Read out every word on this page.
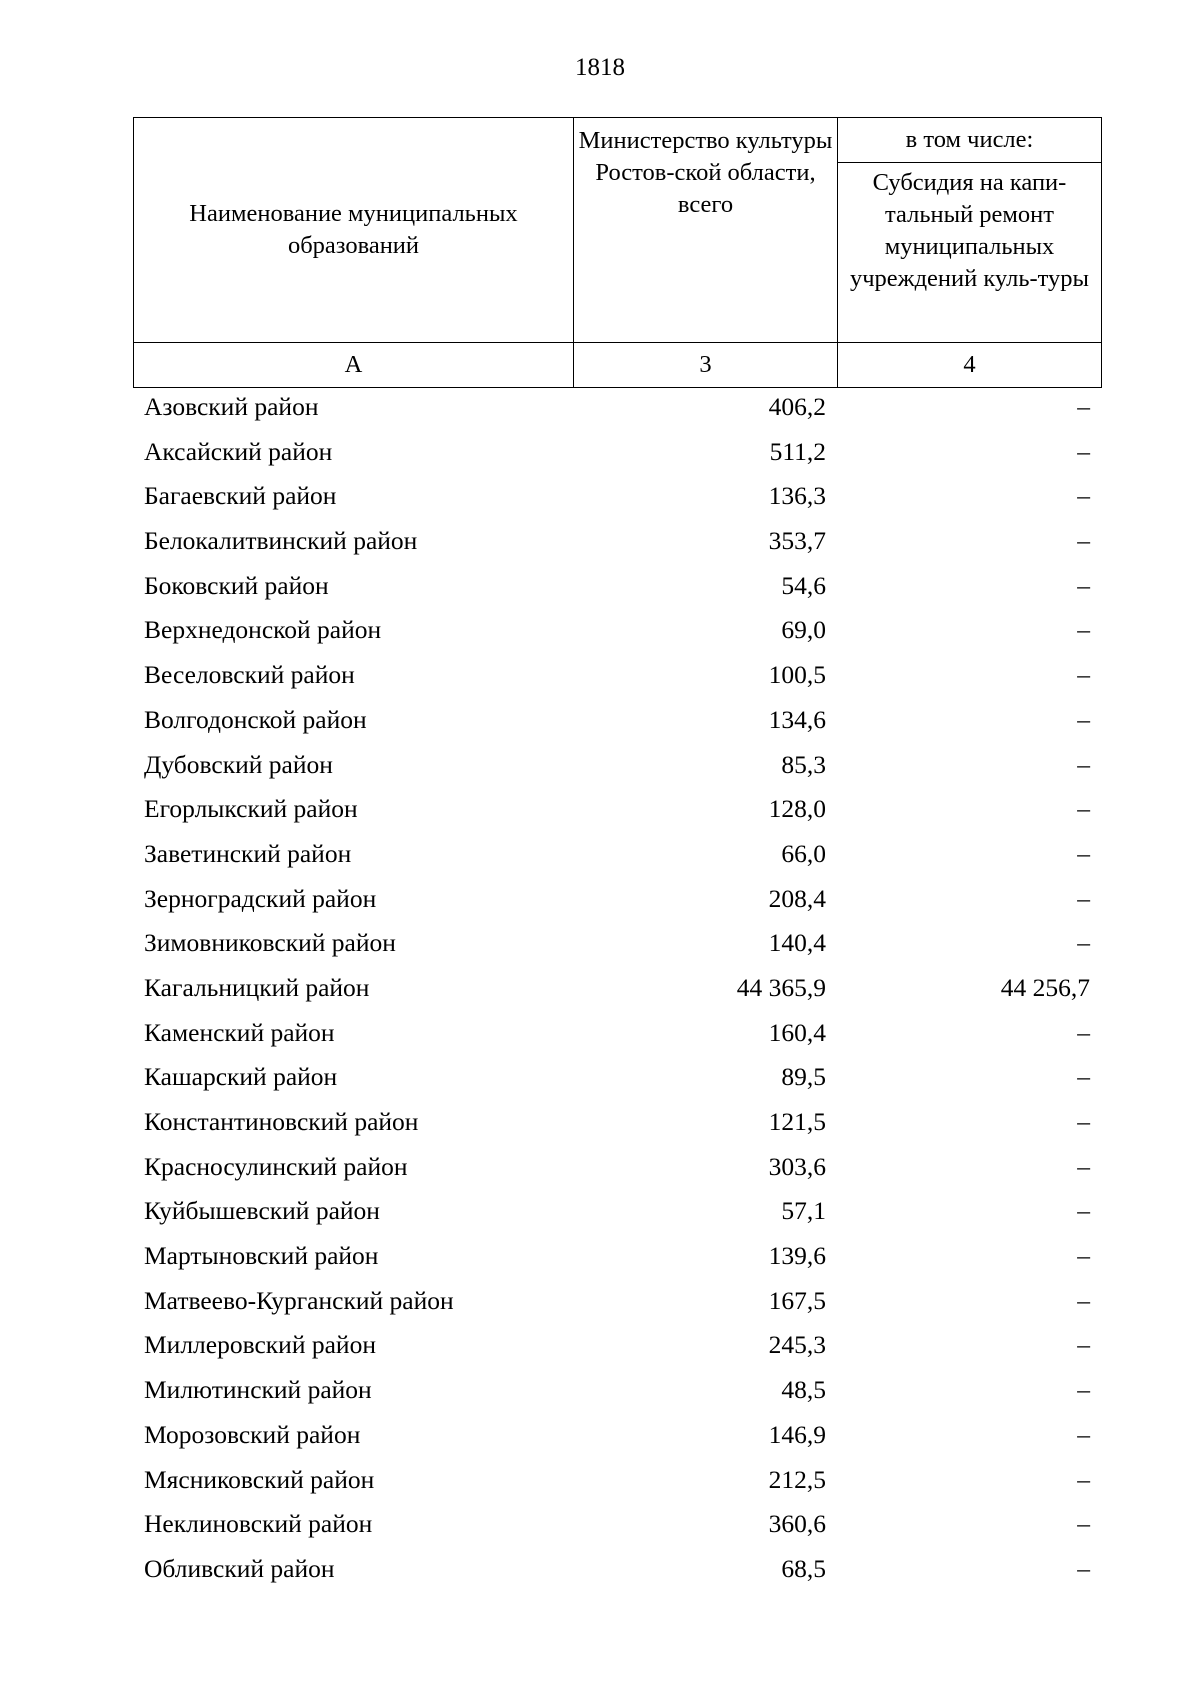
1818
Наименование муниципальных образований	Министерство культуры Ростов-ской области, всего	в том числе:
		Субсидия на капи-тальный ремонт муниципальных учреждений куль-туры
А	3	4
Азовский район	406,2	–
Аксайский район	511,2	–
Багаевский район	136,3	–
Белокалитвинский район	353,7	–
Боковский район	54,6	–
Верхнедонской район	69,0	–
Веселовский район	100,5	–
Волгодонской район	134,6	–
Дубовский район	85,3	–
Егорлыкский район	128,0	–
Заветинский район	66,0	–
Зерноградский район	208,4	–
Зимовниковский район	140,4	–
Кагальницкий район	44 365,9	44 256,7
Каменский район	160,4	–
Кашарский район	89,5	–
Константиновский район	121,5	–
Красносулинский район	303,6	–
Куйбышевский район	57,1	–
Мартыновский район	139,6	–
Матвеево-Курганский район	167,5	–
Миллеровский район	245,3	–
Милютинский район	48,5	–
Морозовский район	146,9	–
Мясниковский район	212,5	–
Неклиновский район	360,6	–
Обливский район	68,5	–
